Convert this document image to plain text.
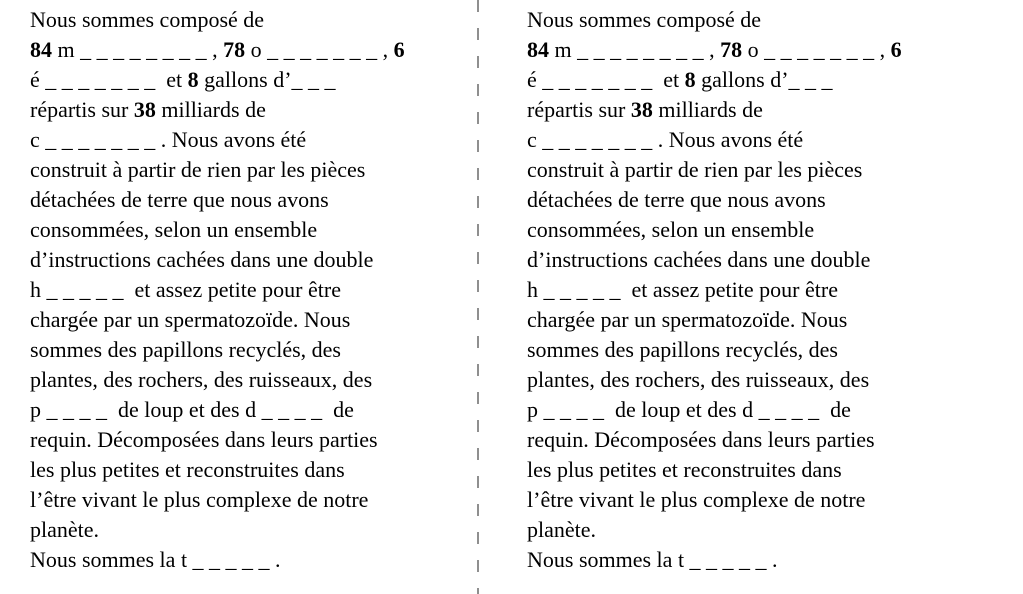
Nous sommes composé de
84 m _ _ _ _ _ _ _ _ , 78 o _ _ _ _ _ _ _ , 6
é _ _ _ _ _ _ _  et 8 gallons d’_ _ _
répartis sur 38 milliards de
c _ _ _ _ _ _ _ . Nous avons été
construit à partir de rien par les pièces
détachées de terre que nous avons
consommées, selon un ensemble
d’instructions cachées dans une double
h _ _ _ _ _  et assez petite pour être
chargée par un spermatozoïde. Nous
sommes des papillons recyclés, des
plantes, des rochers, des ruisseaux, des
p _ _ _ _  de loup et des d _ _ _ _  de
requin. Décomposées dans leurs parties
les plus petites et reconstruites dans
l’être vivant le plus complexe de notre
planète.
Nous sommes la t _ _ _ _ _ .
Nous sommes composé de
84 m _ _ _ _ _ _ _ _ , 78 o _ _ _ _ _ _ _ , 6
é _ _ _ _ _ _ _  et 8 gallons d’_ _ _
répartis sur 38 milliards de
c _ _ _ _ _ _ _ . Nous avons été
construit à partir de rien par les pièces
détachées de terre que nous avons
consommées, selon un ensemble
d’instructions cachées dans une double
h _ _ _ _ _  et assez petite pour être
chargée par un spermatozoïde. Nous
sommes des papillons recyclés, des
plantes, des rochers, des ruisseaux, des
p _ _ _ _  de loup et des d _ _ _ _  de
requin. Décomposées dans leurs parties
les plus petites et reconstruites dans
l’être vivant le plus complexe de notre
planète.
Nous sommes la t _ _ _ _ _ .
